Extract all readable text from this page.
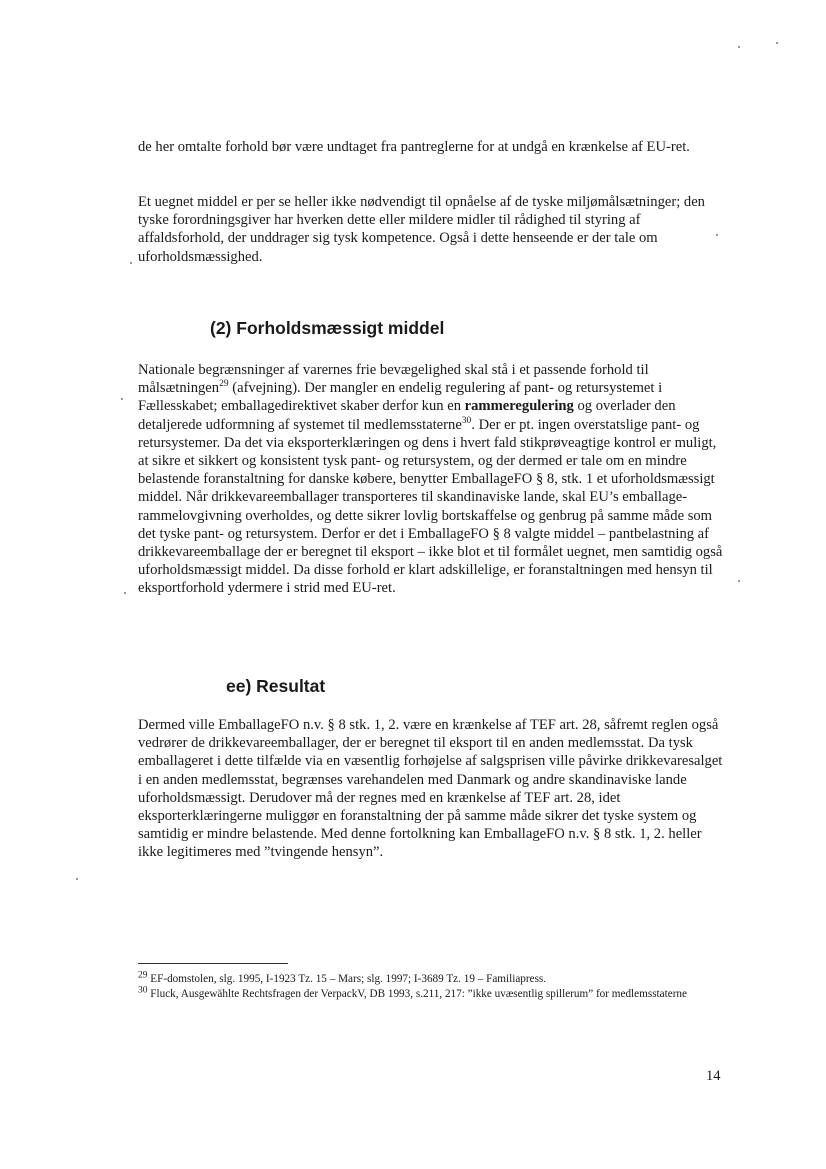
de her omtalte forhold bør være undtaget fra pantreglerne for at undgå en krænkelse af EU-ret.

Et uegnet middel er per se heller ikke nødvendigt til opnåelse af de tyske miljømålsætninger; den tyske forordningsgiver har hverken dette eller mildere midler til rådighed til styring af affaldsforhold, der unddrager sig tysk kompetence. Også i dette henseende er der tale om uforholdsmæssighed.

(2) Forholdsmæssigt middel

Nationale begrænsninger af varernes frie bevægelighed skal stå i et passende forhold til målsætningen$^{29}$ (afvejning). Der mangler en endelig regulering af pant- og retursystemet i Fællesskabet; emballagedirektivet skaber derfor kun en rammeregulering og overlader den detaljerede udformning af systemet til medlemsstaterne$^{30}$. Der er pt. ingen overstatslige pant- og retursystemer. Da det via eksporterklæringen og dens i hvert fald stikprøveagtige kontrol er muligt, at sikre et sikkert og konsistent tysk pant- og retursystem, og der dermed er tale om en mindre belastende foranstaltning for danske købere, benytter EmballageFO § 8, stk. 1 et uforholdsmæssigt middel. Når drikkevareemballager transporteres til skandinaviske lande, skal EU’s emballage-rammelovgivning overholdes, og dette sikrer lovlig bortskaffelse og genbrug på samme måde som det tyske pant- og retursystem. Derfor er det i EmballageFO § 8 valgte middel – pantbelastning af drikkevareemballage der er beregnet til eksport – ikke blot et til formålet uegnet, men samtidig også uforholdsmæssigt middel. Da disse forhold er klart adskillelige, er foranstaltningen med hensyn til eksportforhold ydermere i strid med EU-ret.

ee) Resultat

Dermed ville EmballageFO n.v. § 8 stk. 1, 2. være en krænkelse af TEF art. 28, såfremt reglen også vedrører de drikkevareemballager, der er beregnet til eksport til en anden medlemsstat. Da tysk emballageret i dette tilfælde via en væsentlig forhøjelse af salgsprisen ville påvirke drikkevaresalget i en anden medlemsstat, begrænses varehandelen med Danmark og andre skandinaviske lande uforholdsmæssigt. Derudover må der regnes med en krænkelse af TEF art. 28, idet eksporterklæringerne muliggør en foranstaltning der på samme måde sikrer det tyske system og samtidig er mindre belastende. Med denne fortolkning kan EmballageFO n.v. § 8 stk. 1, 2. heller ikke legitimeres med ”tvingende hensyn”.

$^{29}$ EF-domstolen, slg. 1995, I-1923 Tz. 15 – Mars; slg. 1997; I-3689 Tz. 19 – Familiapress.

$^{30}$ Fluck, Ausgewählte Rechtsfragen der VerpackV, DB 1993, s.211, 217: ”ikke uvæsentlig spillerum” for medlemsstaterne

14
